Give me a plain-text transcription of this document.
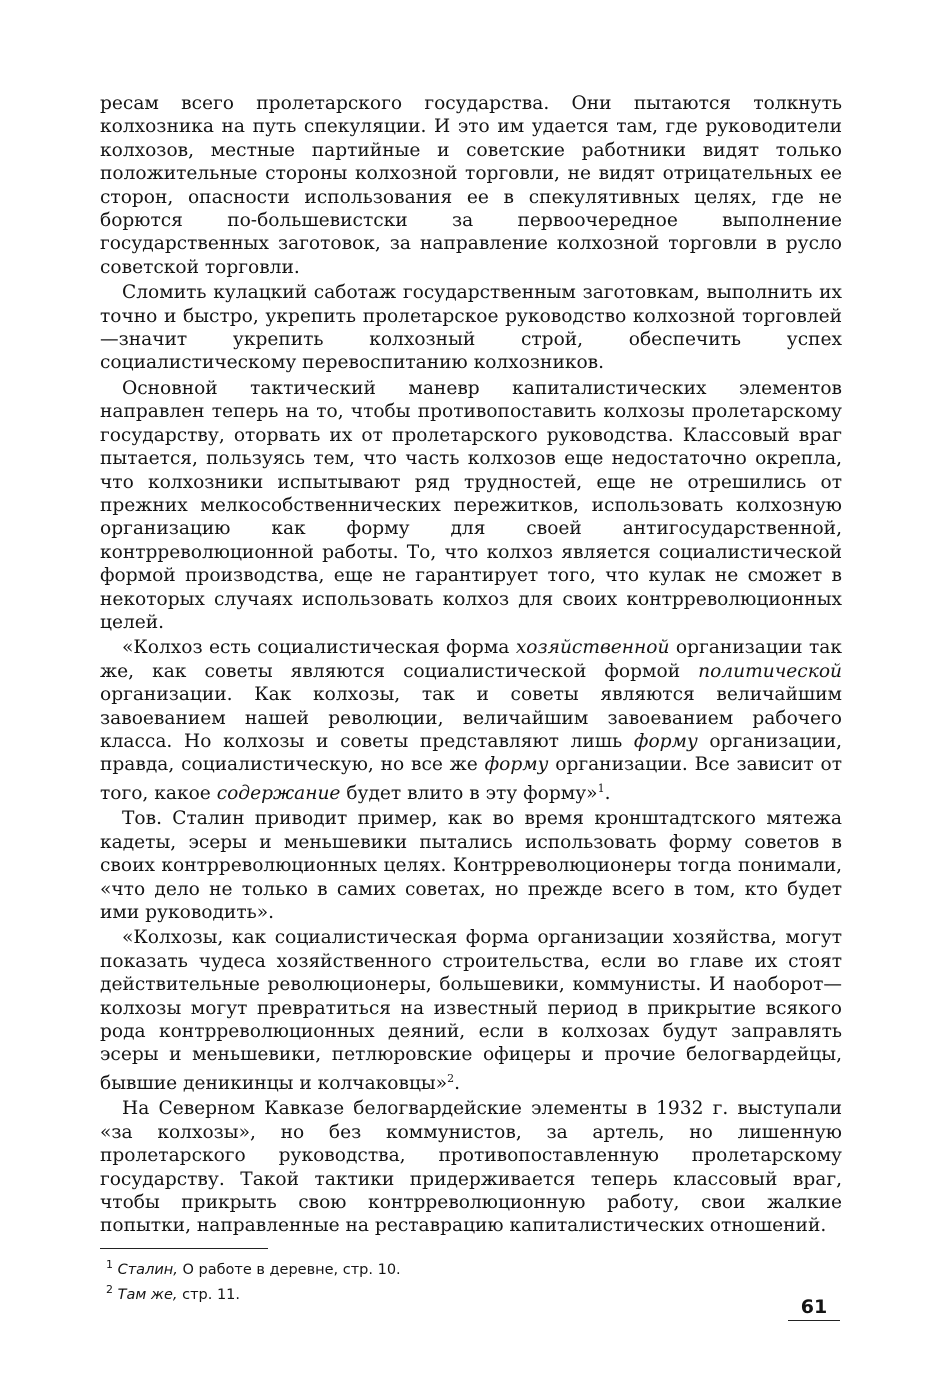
ресам всего пролетарского государства. Они пытаются толкнуть колхозника на путь спекуляции. И это им удается там, где руководители колхозов, местные партийные и советские работники видят только положительные стороны колхозной торговли, не видят отрицательных ее сторон, опасности использования ее в спекулятивных целях, где не борются по-большевистски за первоочередное выполнение государственных заготовок, за направление колхозной торговли в русло советской торговли.

Сломить кулацкий саботаж государственным заготовкам, выполнить их точно и быстро, укрепить пролетарское руководство колхозной торговлей—значит укрепить колхозный строй, обеспечить успех социалистическому перевоспитанию колхозников.

Основной тактический маневр капиталистических элементов направлен теперь на то, чтобы противопоставить колхозы пролетарскому государству, оторвать их от пролетарского руководства. Классовый враг пытается, пользуясь тем, что часть колхозов еще недостаточно окрепла, что колхозники испытывают ряд трудностей, еще не отрешились от прежних мелкособственнических пережитков, использовать колхозную организацию как форму для своей антигосударственной, контрреволюционной работы. То, что колхоз является социалистической формой производства, еще не гарантирует того, что кулак не сможет в некоторых случаях использовать колхоз для своих контрреволюционных целей.

«Колхоз есть социалистическая форма хозяйственной организации так же, как советы являются социалистической формой политической организации. Как колхозы, так и советы являются величайшим завоеванием нашей революции, величайшим завоеванием рабочего класса. Но колхозы и советы представляют лишь форму организации, правда, социалистическую, но все же форму организации. Все зависит от того, какое содержание будет влито в эту форму»$^1$.

Тов. Сталин приводит пример, как во время кронштадтского мятежа кадеты, эсеры и меньшевики пытались использовать форму советов в своих контрреволюционных целях. Контрреволюционеры тогда понимали, «что дело не только в самих советах, но прежде всего в том, кто будет ими руководить».

«Колхозы, как социалистическая форма организации хозяйства, могут показать чудеса хозяйственного строительства, если во главе их стоят действительные революционеры, большевики, коммунисты. И наоборот—колхозы могут превратиться на известный период в прикрытие всякого рода контрреволюционных деяний, если в колхозах будут заправлять эсеры и меньшевики, петлюровские офицеры и прочие белогвардейцы, бывшие деникинцы и колчаковцы»$^2$.

На Северном Кавказе белогвардейские элементы в 1932 г. выступали «за колхозы», но без коммунистов, за артель, но лишенную пролетарского руководства, противопоставленную пролетарскому государству. Такой тактики придерживается теперь классовый враг, чтобы прикрыть свою контрреволюционную работу, свои жалкие попытки, направленные на реставрацию капиталистических отношений.

$^1$ Сталин, О работе в деревне, стр. 10.
$^2$ Там же, стр. 11.
61
